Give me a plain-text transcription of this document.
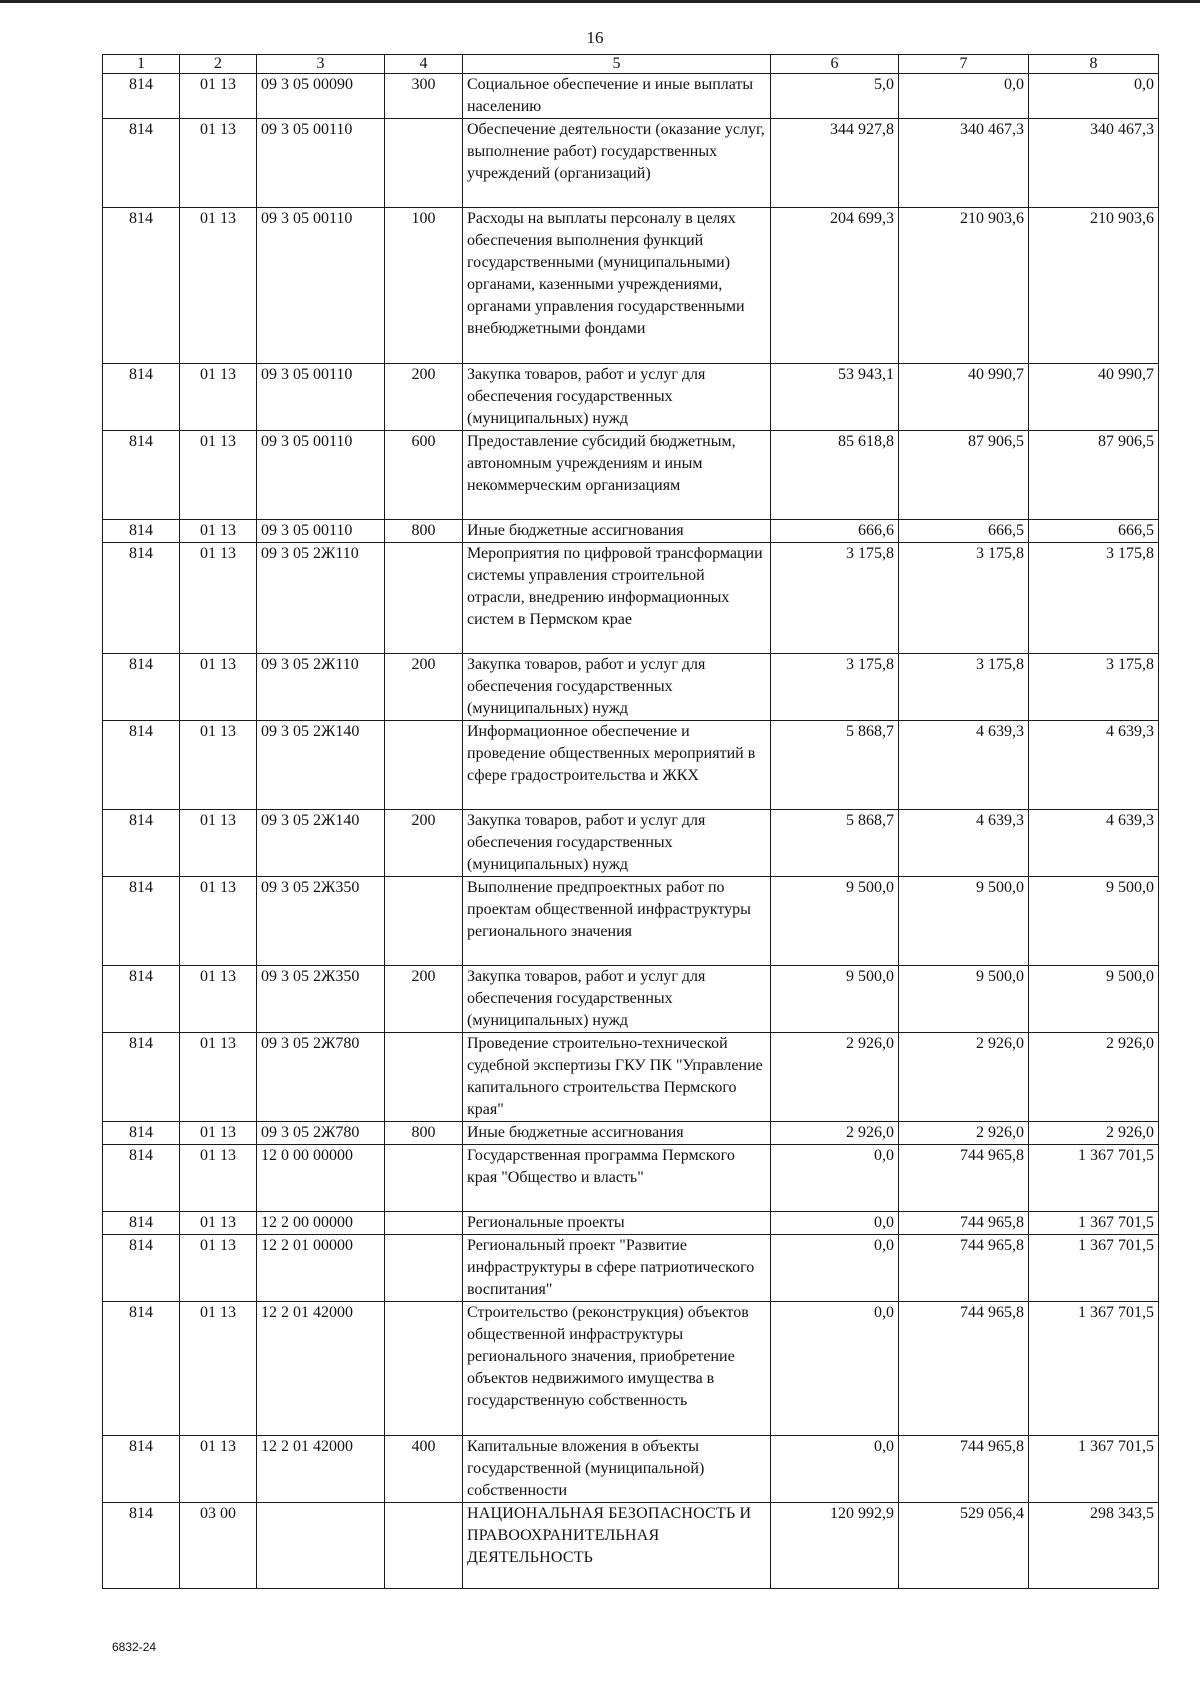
16
1	2	3	4	5	6	7	8
814	01 13	09 3 05 00090	300	Социальное обеспечение и иные выплаты населению	5,0	0,0	0,0
814	01 13	09 3 05 00110		Обеспечение деятельности (оказание услуг, выполнение работ) государственных учреждений (организаций)	344 927,8	340 467,3	340 467,3
814	01 13	09 3 05 00110	100	Расходы на выплаты персоналу в целях обеспечения выполнения функций государственными (муниципальными) органами, казенными учреждениями, органами управления государственными внебюджетными фондами	204 699,3	210 903,6	210 903,6
814	01 13	09 3 05 00110	200	Закупка товаров, работ и услуг для обеспечения государственных (муниципальных) нужд	53 943,1	40 990,7	40 990,7
814	01 13	09 3 05 00110	600	Предоставление субсидий бюджетным, автономным учреждениям и иным некоммерческим организациям	85 618,8	87 906,5	87 906,5
814	01 13	09 3 05 00110	800	Иные бюджетные ассигнования	666,6	666,5	666,5
814	01 13	09 3 05 2Ж110		Мероприятия по цифровой трансформации системы управления строительной отрасли, внедрению информационных систем в Пермском крае	3 175,8	3 175,8	3 175,8
814	01 13	09 3 05 2Ж110	200	Закупка товаров, работ и услуг для обеспечения государственных (муниципальных) нужд	3 175,8	3 175,8	3 175,8
814	01 13	09 3 05 2Ж140		Информационное обеспечение и проведение общественных мероприятий в сфере градостроительства и ЖКХ	5 868,7	4 639,3	4 639,3
814	01 13	09 3 05 2Ж140	200	Закупка товаров, работ и услуг для обеспечения государственных (муниципальных) нужд	5 868,7	4 639,3	4 639,3
814	01 13	09 3 05 2Ж350		Выполнение предпроектных работ по проектам общественной инфраструктуры регионального значения	9 500,0	9 500,0	9 500,0
814	01 13	09 3 05 2Ж350	200	Закупка товаров, работ и услуг для обеспечения государственных (муниципальных) нужд	9 500,0	9 500,0	9 500,0
814	01 13	09 3 05 2Ж780		Проведение строительно-технической судебной экспертизы ГКУ ПК "Управление капитального строительства Пермского края"	2 926,0	2 926,0	2 926,0
814	01 13	09 3 05 2Ж780	800	Иные бюджетные ассигнования	2 926,0	2 926,0	2 926,0
814	01 13	12 0 00 00000		Государственная программа Пермского края "Общество и власть"	0,0	744 965,8	1 367 701,5
814	01 13	12 2 00 00000		Региональные проекты	0,0	744 965,8	1 367 701,5
814	01 13	12 2 01 00000		Региональный проект "Развитие инфраструктуры в сфере патриотического воспитания"	0,0	744 965,8	1 367 701,5
814	01 13	12 2 01 42000		Строительство (реконструкция) объектов общественной инфраструктуры регионального значения, приобретение объектов недвижимого имущества в государственную собственность	0,0	744 965,8	1 367 701,5
814	01 13	12 2 01 42000	400	Капитальные вложения в объекты государственной (муниципальной) собственности	0,0	744 965,8	1 367 701,5
814	03 00			НАЦИОНАЛЬНАЯ БЕЗОПАСНОСТЬ И ПРАВООХРАНИТЕЛЬНАЯ ДЕЯТЕЛЬНОСТЬ	120 992,9	529 056,4	298 343,5
6832-24
